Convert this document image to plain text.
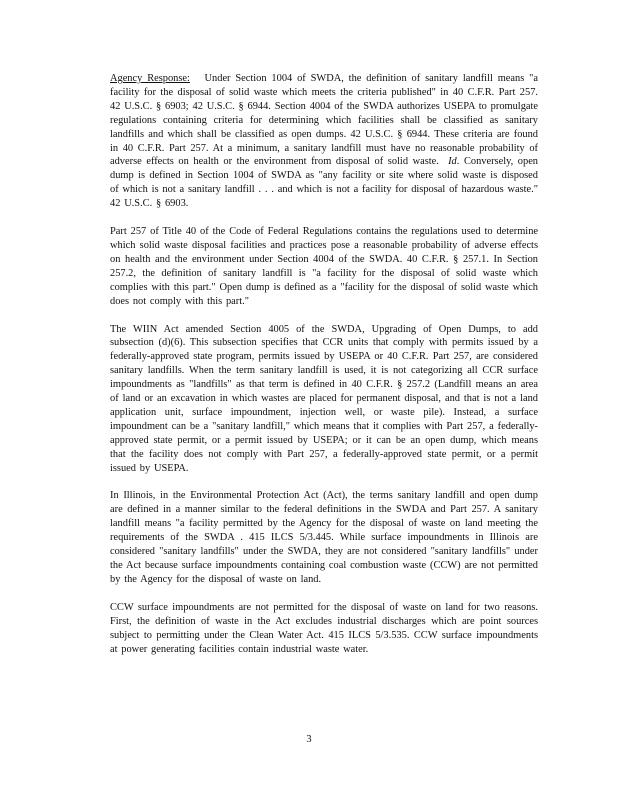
Agency Response: Under Section 1004 of SWDA, the definition of sanitary landfill means "a facility for the disposal of solid waste which meets the criteria published" in 40 C.F.R. Part 257. 42 U.S.C. § 6903; 42 U.S.C. § 6944. Section 4004 of the SWDA authorizes USEPA to promulgate regulations containing criteria for determining which facilities shall be classified as sanitary landfills and which shall be classified as open dumps. 42 U.S.C. § 6944. These criteria are found in 40 C.F.R. Part 257. At a minimum, a sanitary landfill must have no reasonable probability of adverse effects on health or the environment from disposal of solid waste. Id. Conversely, open dump is defined in Section 1004 of SWDA as "any facility or site where solid waste is disposed of which is not a sanitary landfill . . . and which is not a facility for disposal of hazardous waste." 42 U.S.C. § 6903.

Part 257 of Title 40 of the Code of Federal Regulations contains the regulations used to determine which solid waste disposal facilities and practices pose a reasonable probability of adverse effects on health and the environment under Section 4004 of the SWDA. 40 C.F.R. § 257.1. In Section 257.2, the definition of sanitary landfill is "a facility for the disposal of solid waste which complies with this part." Open dump is defined as a "facility for the disposal of solid waste which does not comply with this part."

The WIIN Act amended Section 4005 of the SWDA, Upgrading of Open Dumps, to add subsection (d)(6). This subsection specifies that CCR units that comply with permits issued by a federally-approved state program, permits issued by USEPA or 40 C.F.R. Part 257, are considered sanitary landfills. When the term sanitary landfill is used, it is not categorizing all CCR surface impoundments as "landfills" as that term is defined in 40 C.F.R. § 257.2 (Landfill means an area of land or an excavation in which wastes are placed for permanent disposal, and that is not a land application unit, surface impoundment, injection well, or waste pile). Instead, a surface impoundment can be a "sanitary landfill," which means that it complies with Part 257, a federally-approved state permit, or a permit issued by USEPA; or it can be an open dump, which means that the facility does not comply with Part 257, a federally-approved state permit, or a permit issued by USEPA.

In Illinois, in the Environmental Protection Act (Act), the terms sanitary landfill and open dump are defined in a manner similar to the federal definitions in the SWDA and Part 257. A sanitary landfill means "a facility permitted by the Agency for the disposal of waste on land meeting the requirements of the SWDA . 415 ILCS 5/3.445. While surface impoundments in Illinois are considered "sanitary landfills" under the SWDA, they are not considered "sanitary landfills" under the Act because surface impoundments containing coal combustion waste (CCW) are not permitted by the Agency for the disposal of waste on land.

CCW surface impoundments are not permitted for the disposal of waste on land for two reasons. First, the definition of waste in the Act excludes industrial discharges which are point sources subject to permitting under the Clean Water Act. 415 ILCS 5/3.535. CCW surface impoundments at power generating facilities contain industrial waste water.

3
